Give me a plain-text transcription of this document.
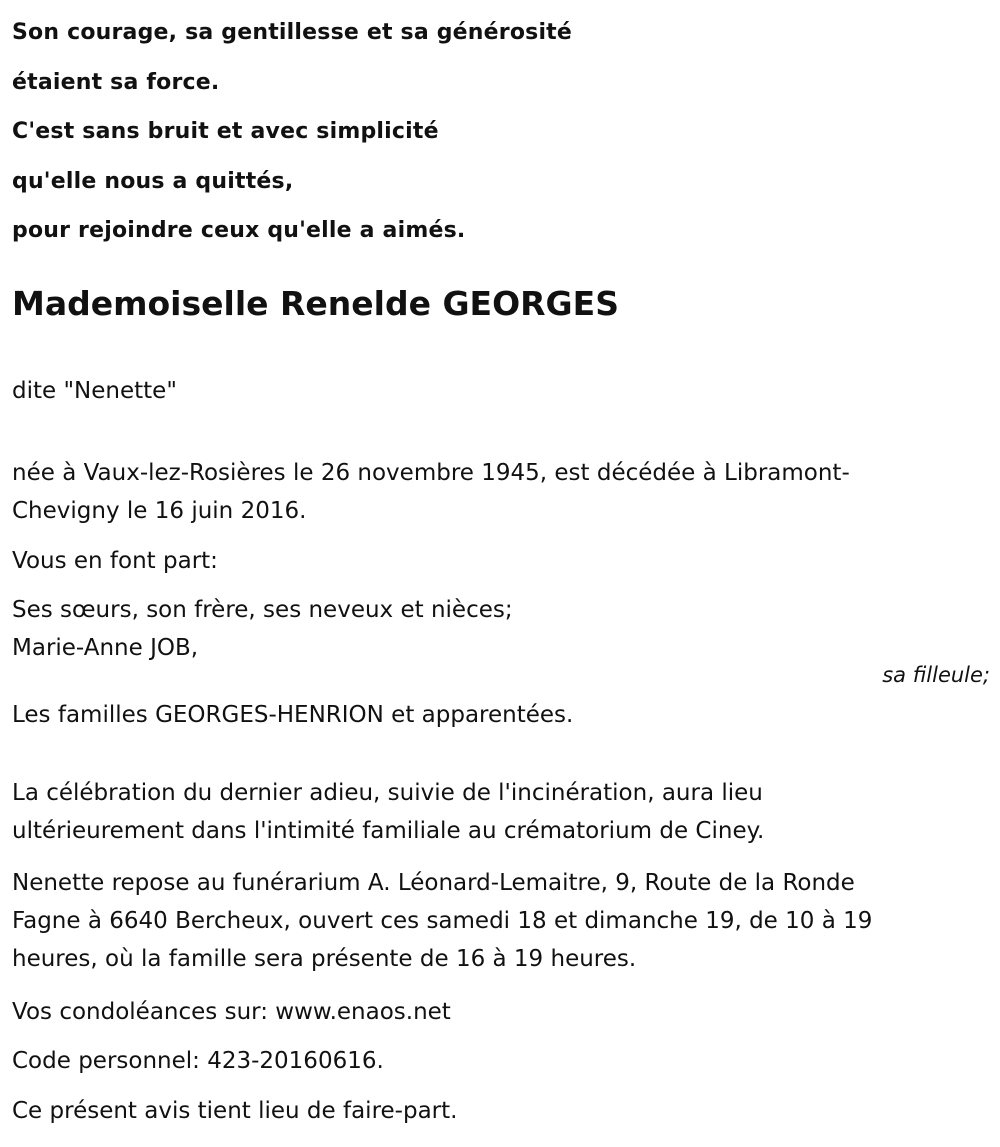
Son courage, sa gentillesse et sa générosité
étaient sa force.
C'est sans bruit et avec simplicité
qu'elle nous a quittés,
pour rejoindre ceux qu'elle a aimés.
Mademoiselle Renelde GEORGES
dite "Nenette"
née à Vaux-lez-Rosières le 26 novembre 1945, est décédée à Libramont-
Chevigny le 16 juin 2016.
Vous en font part:
Ses sœurs, son frère, ses neveux et nièces;
Marie-Anne JOB,
sa filleule;
Les familles GEORGES-HENRION et apparentées.
La célébration du dernier adieu, suivie de l'incinération, aura lieu
ultérieurement dans l'intimité familiale au crématorium de Ciney.
Nenette repose au funérarium A. Léonard-Lemaitre, 9, Route de la Ronde
Fagne à 6640 Bercheux, ouvert ces samedi 18 et dimanche 19, de 10 à 19
heures, où la famille sera présente de 16 à 19 heures.
Vos condoléances sur: www.enaos.net
Code personnel: 423-20160616.
Ce présent avis tient lieu de faire-part.
